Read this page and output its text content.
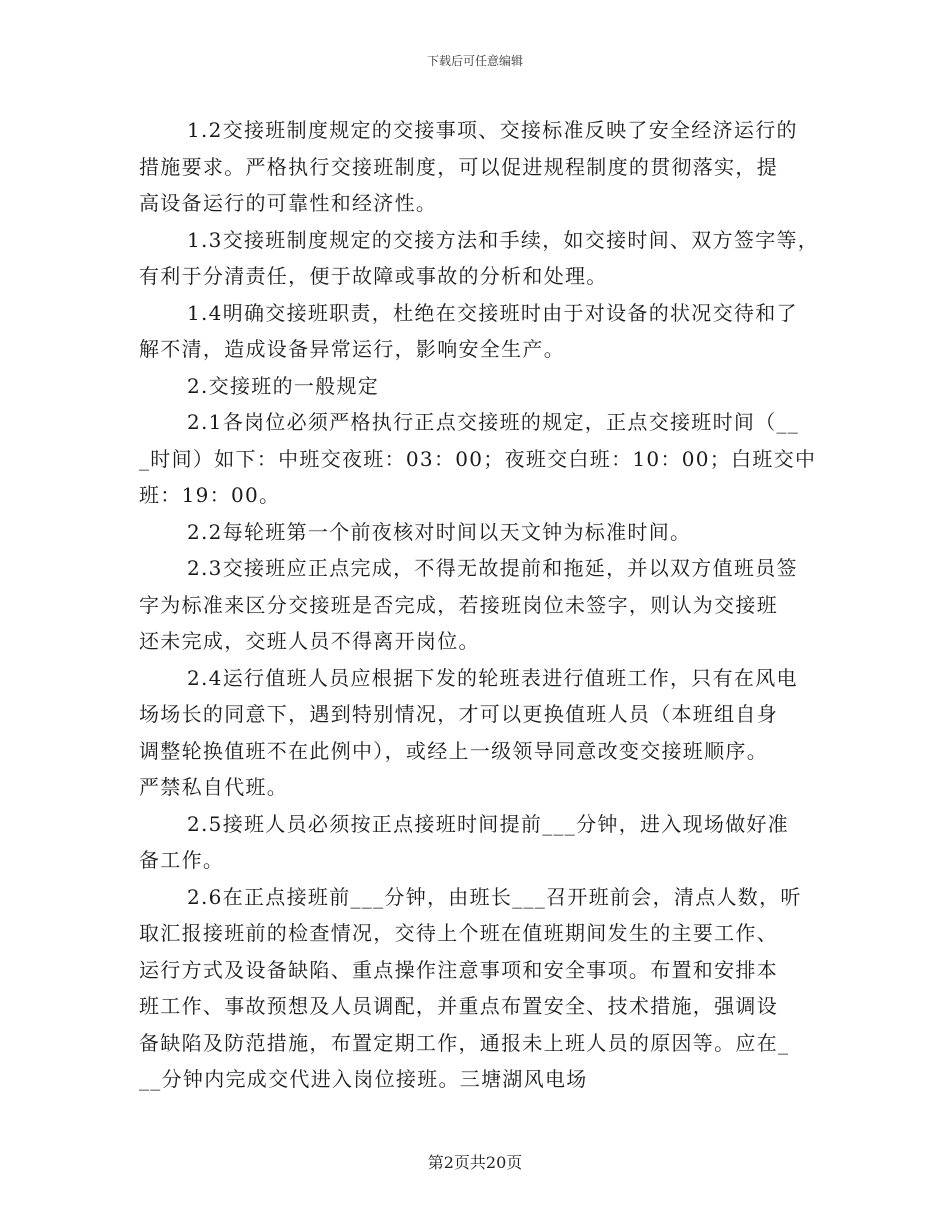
下载后可任意编辑
1.2交接班制度规定的交接事项、交接标准反映了安全经济运行的
措施要求。严格执行交接班制度，可以促进规程制度的贯彻落实，提
高设备运行的可靠性和经济性。
1.3交接班制度规定的交接方法和手续，如交接时间、双方签字等，
有利于分清责任，便于故障或事故的分析和处理。
1.4明确交接班职责，杜绝在交接班时由于对设备的状况交待和了
解不清，造成设备异常运行，影响安全生产。
2.交接班的一般规定
2.1各岗位必须严格执行正点交接班的规定，正点交接班时间（__
_时间）如下：中班交夜班：03：00；夜班交白班：10：00；白班交中
班：19：00。
2.2每轮班第一个前夜核对时间以天文钟为标准时间。
2.3交接班应正点完成，不得无故提前和拖延，并以双方值班员签
字为标准来区分交接班是否完成，若接班岗位未签字，则认为交接班
还未完成，交班人员不得离开岗位。
2.4运行值班人员应根据下发的轮班表进行值班工作，只有在风电
场场长的同意下，遇到特别情况，才可以更换值班人员（本班组自身
调整轮换值班不在此例中），或经上一级领导同意改变交接班顺序。
严禁私自代班。
2.5接班人员必须按正点接班时间提前___分钟，进入现场做好准
备工作。
2.6在正点接班前___分钟，由班长___召开班前会，清点人数，听
取汇报接班前的检查情况，交待上个班在值班期间发生的主要工作、
运行方式及设备缺陷、重点操作注意事项和安全事项。布置和安排本
班工作、事故预想及人员调配，并重点布置安全、技术措施，强调设
备缺陷及防范措施，布置定期工作，通报未上班人员的原因等。应在_
__分钟内完成交代进入岗位接班。三塘湖风电场
第2页共20页
